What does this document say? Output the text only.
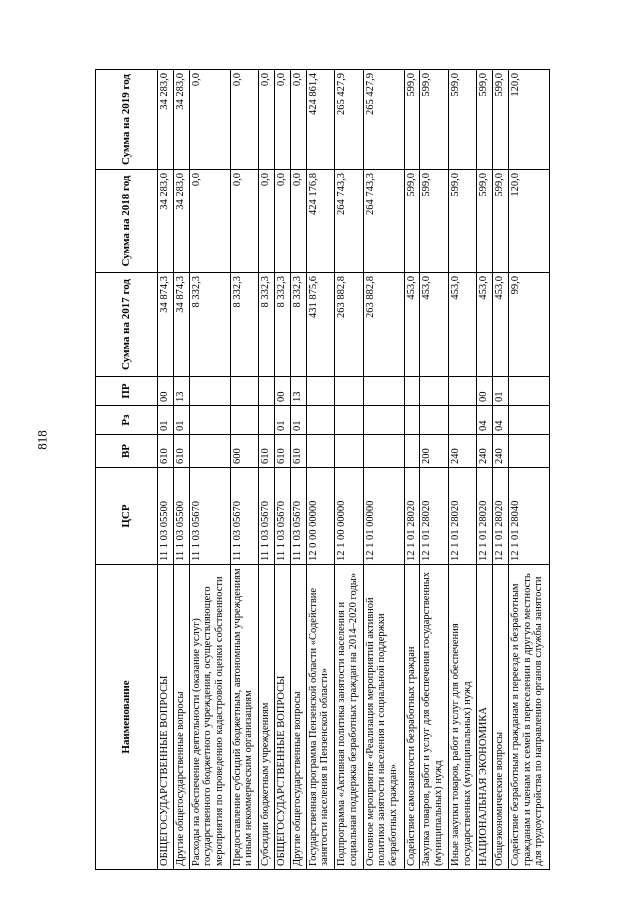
818
Наименование	ЦСР	ВР	Рз	ПР	Сумма на 2017 год	Сумма на 2018 год	Сумма на 2019 год
ОБЩЕГОСУДАРСТВЕННЫЕ ВОПРОСЫ	11 1 03 05500	610	01	00	34 874,3	34 283,0	34 283,0
Другие общегосударственные вопросы	11 1 03 05500	610	01	13	34 874,3	34 283,0	34 283,0
Расходы на обеспечение деятельности (оказание услуг) государственного бюджетного учреждения, осуществляющего мероприятия по проведению кадастровой оценки собственности	11 1 03 05670				8 332,3	0,0	0,0
Предоставление субсидий бюджетным, автономным учреждениям и иным некоммерческим организациям	11 1 03 05670	600			8 332,3	0,0	0,0
Субсидии бюджетным учреждениям	11 1 03 05670	610			8 332,3	0,0	0,0
ОБЩЕГОСУДАРСТВЕННЫЕ ВОПРОСЫ	11 1 03 05670	610	01	00	8 332,3	0,0	0,0
Другие общегосударственные вопросы	11 1 03 05670	610	01	13	8 332,3	0,0	0,0
Государственная программа Пензенской области «Содействие занятости населения в Пензенской области»	12 0 00 00000				431 875,6	424 176,8	424 861,4
Подпрограмма «Активная политика занятости населения и социальная поддержка безработных граждан на 2014–2020 годы»	12 1 00 00000				263 882,8	264 743,3	265 427,9
Основное мероприятие «Реализация мероприятий активной политики занятости населения и социальной поддержки безработных граждан»	12 1 01 00000				263 882,8	264 743,3	265 427,9
Содействие самозанятости безработных граждан	12 1 01 28020				453,0	599,0	599,0
Закупка товаров, работ и услуг для обеспечения государственных (муниципальных) нужд	12 1 01 28020	200			453,0	599,0	599,0
Иные закупки товаров, работ и услуг для обеспечения государственных (муниципальных) нужд	12 1 01 28020	240			453,0	599,0	599,0
НАЦИОНАЛЬНАЯ ЭКОНОМИКА	12 1 01 28020	240	04	00	453,0	599,0	599,0
Общеэкономические вопросы	12 1 01 28020	240	04	01	453,0	599,0	599,0
Содействие безработным гражданам в переезде и безработным гражданам и членам их семей в переселении в другую местность для трудоустройства по направлению органов службы занятости	12 1 01 28040				99,0	120,0	120,0
